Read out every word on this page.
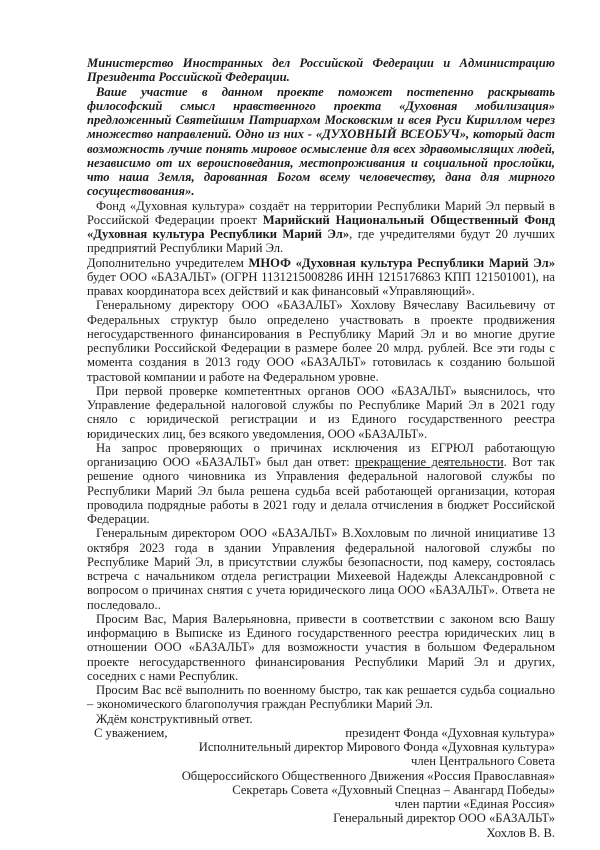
Министерство Иностранных дел Российской Федерации и Администрацию Президента Российской Федерации.

Ваше участие в данном проекте поможет постепенно раскрывать философский смысл нравственного проекта «Духовная мобилизация» предложенный Святейшим Патриархом Московским и всея Руси Кириллом через множество направлений. Одно из них - «ДУХОВНЫЙ ВСЕОБУЧ», который даст возможность лучше понять мировое осмысление для всех здравомыслящих людей, независимо от их вероисповедания, местопроживания и социальной прослойки, что наша Земля, дарованная Богом всему человечеству, дана для мирного сосуществования».

Фонд «Духовная культура» создаёт на территории Республики Марий Эл первый в Российской Федерации проект Марийский Национальный Общественный Фонд «Духовная культура Республики Марий Эл», где учредителями будут 20 лучших предприятий Республики Марий Эл.

Дополнительно учредителем МНОФ «Духовная культура Республики Марий Эл» будет ООО «БАЗАЛЬТ» (ОГРН 1131215008286 ИНН 1215176863 КПП 121501001), на правах координатора всех действий и как финансовый «Управляющий».

Генеральному директору ООО «БАЗАЛЬТ» Хохлову Вячеславу Васильевичу от Федеральных структур было определено участвовать в проекте продвижения негосударственного финансирования в Республику Марий Эл и во многие другие республики Российской Федерации в размере более 20 млрд. рублей. Все эти годы с момента создания в 2013 году ООО «БАЗАЛЬТ» готовилась к созданию большой трастовой компании и работе на Федеральном уровне.

При первой проверке компетентных органов ООО «БАЗАЛЬТ» выяснилось, что Управление федеральной налоговой службы по Республике Марий Эл в 2021 году сняло с юридической регистрации и из Единого государственного реестра юридических лиц, без всякого уведомления, ООО «БАЗАЛЬТ».

На запрос проверяющих о причинах исключения из ЕГРЮЛ работающую организацию ООО «БАЗАЛЬТ» был дан ответ: прекращение деятельности. Вот так решение одного чиновника из Управления федеральной налоговой службы по Республики Марий Эл была решена судьба всей работающей организации, которая проводила подрядные работы в 2021 году и делала отчисления в бюджет Российской Федерации.

Генеральным директором ООО «БАЗАЛЬТ» В.Хохловым по личной инициативе 13 октября 2023 года в здании Управления федеральной налоговой службы по Республике Марий Эл, в присутствии службы безопасности, под камеру, состоялась встреча с начальником отдела регистрации Михеевой Надежды Александровной с вопросом о причинах снятия с учета юридического лица ООО «БАЗАЛЬТ». Ответа не последовало..

Просим Вас, Мария Валерьяновна, привести в соответствии с законом всю Вашу информацию в Выписке из Единого государственного реестра юридических лиц в отношении ООО «БАЗАЛЬТ» для возможности участия в большом Федеральном проекте негосударственного финансирования Республики Марий Эл и других, соседних с нами Республик.

Просим Вас всё выполнить по военному быстро, так как решается судьба социально – экономического благополучия граждан Республики Марий Эл.

Ждём конструктивный ответ.

С уважением,	президент Фонда «Духовная культура»
Исполнительный директор Мирового Фонда «Духовная культура»
член Центрального Совета
Общероссийского Общественного Движения «Россия Православная»
Секретарь Совета «Духовный Спецназ – Авангард Победы»
член партии «Единая Россия»
Генеральный директор ООО «БАЗАЛЬТ»
Хохлов В. В.
